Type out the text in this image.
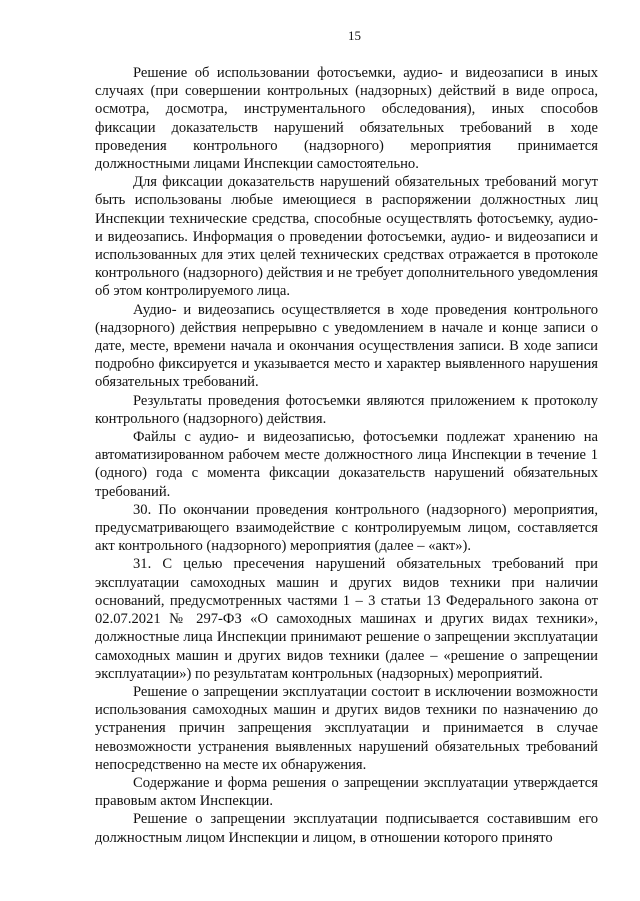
15

Решение об использовании фотосъемки, аудио- и видеозаписи в иных случаях (при совершении контрольных (надзорных) действий в виде опроса, осмотра, досмотра, инструментального обследования), иных способов фиксации доказательств нарушений обязательных требований в ходе проведения контрольного (надзорного) мероприятия принимается должностными лицами Инспекции самостоятельно.

Для фиксации доказательств нарушений обязательных требований могут быть использованы любые имеющиеся в распоряжении должностных лиц Инспекции технические средства, способные осуществлять фотосъемку, аудио- и видеозапись. Информация о проведении фотосъемки, аудио- и видеозаписи и использованных для этих целей технических средствах отражается в протоколе контрольного (надзорного) действия и не требует дополнительного уведомления об этом контролируемого лица.

Аудио- и видеозапись осуществляется в ходе проведения контрольного (надзорного) действия непрерывно с уведомлением в начале и конце записи о дате, месте, времени начала и окончания осуществления записи. В ходе записи подробно фиксируется и указывается место и характер выявленного нарушения обязательных требований.

Результаты проведения фотосъемки являются приложением к протоколу контрольного (надзорного) действия.

Файлы с аудио- и видеозаписью, фотосъемки подлежат хранению на автоматизированном рабочем месте должностного лица Инспекции в течение 1 (одного) года с момента фиксации доказательств нарушений обязательных требований.

30. По окончании проведения контрольного (надзорного) мероприятия, предусматривающего взаимодействие с контролируемым лицом, составляется акт контрольного (надзорного) мероприятия (далее – «акт»).

31. С целью пресечения нарушений обязательных требований при эксплуатации самоходных машин и других видов техники при наличии оснований, предусмотренных частями 1 – 3 статьи 13 Федерального закона от 02.07.2021 № 297-ФЗ «О самоходных машинах и других видах техники», должностные лица Инспекции принимают решение о запрещении эксплуатации самоходных машин и других видов техники (далее – «решение о запрещении эксплуатации») по результатам контрольных (надзорных) мероприятий.

Решение о запрещении эксплуатации состоит в исключении возможности использования самоходных машин и других видов техники по назначению до устранения причин запрещения эксплуатации и принимается в случае невозможности устранения выявленных нарушений обязательных требований непосредственно на месте их обнаружения.

Содержание и форма решения о запрещении эксплуатации утверждается правовым актом Инспекции.

Решение о запрещении эксплуатации подписывается составившим его должностным лицом Инспекции и лицом, в отношении которого принято
